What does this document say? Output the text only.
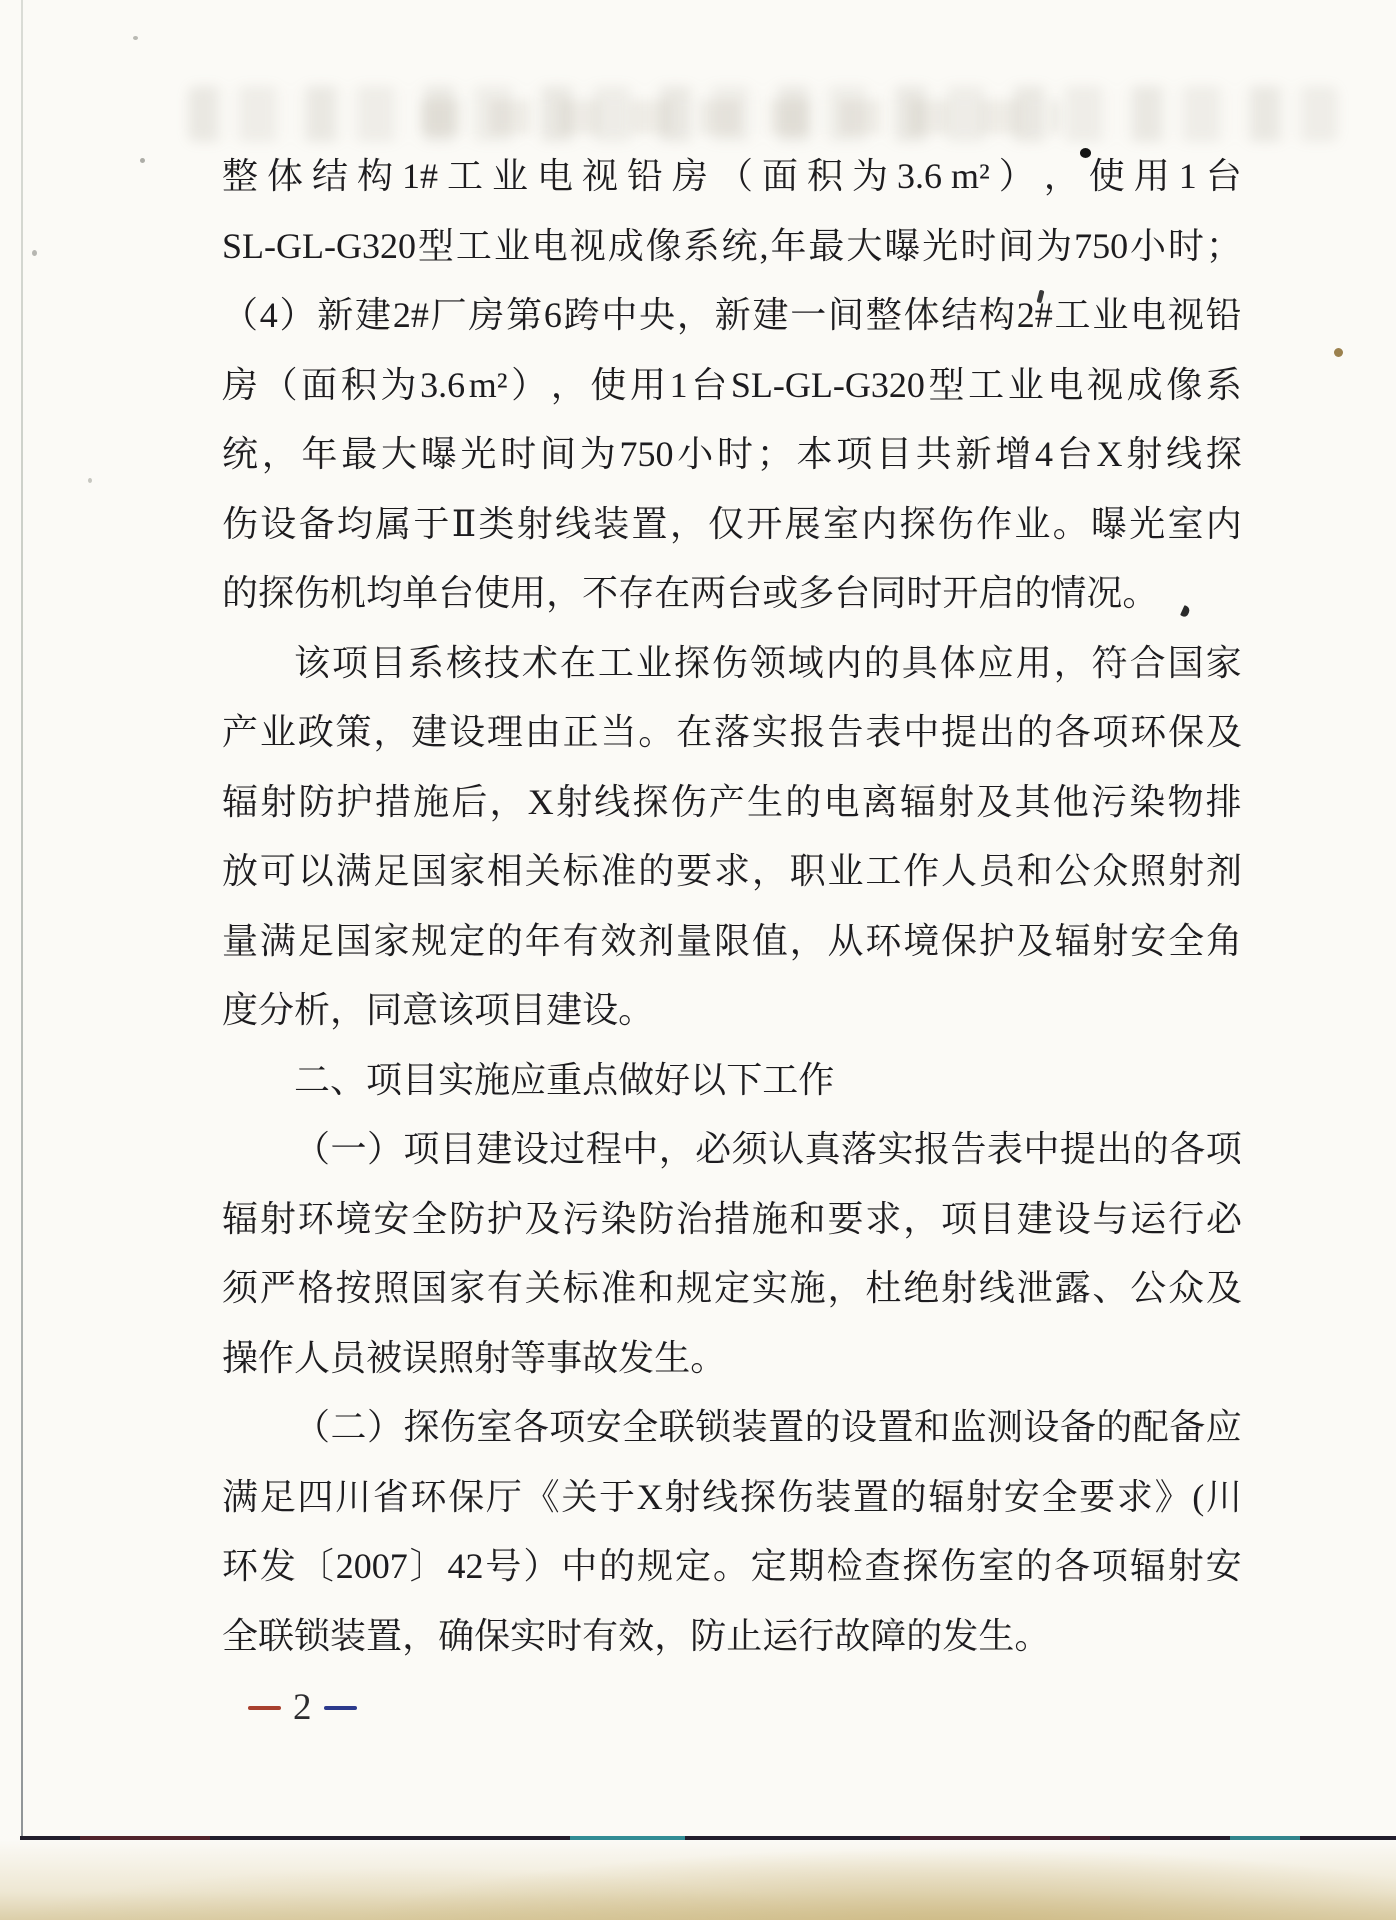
整 体 结 构 1# 工 业 电 视 铅 房 （ 面 积 为 3.6 m² ） ， 使 用 1 台
SL-GL-G320 型 工 业 电 视 成 像 系 统 , 年 最 大 曝 光 时 间 为 750 小 时 ；
（ 4 ） 新 建 2# 厂 房 第 6 跨 中 央 ， 新 建 一 间 整 体 结 构 2# 工 业 电 视 铅
房 （ 面 积 为 3.6 m² ） ， 使 用 1 台 SL-GL-G320 型 工 业 电 视 成 像 系
统 ， 年 最 大 曝 光 时 间 为 750 小 时 ； 本 项 目 共 新 增 4 台 X 射 线 探
伤 设 备 均 属 于 Ⅱ 类 射 线 装 置 ， 仅 开 展 室 内 探 伤 作 业 。 曝 光 室 内
的探伤机均单台使用，不存在两台或多台同时开启的情况。
该 项 目 系 核 技 术 在 工 业 探 伤 领 域 内 的 具 体 应 用 ， 符 合 国 家
产 业 政 策 ， 建 设 理 由 正 当 。 在 落 实 报 告 表 中 提 出 的 各 项 环 保 及
辐 射 防 护 措 施 后 ， X 射 线 探 伤 产 生 的 电 离 辐 射 及 其 他 污 染 物 排
放 可 以 满 足 国 家 相 关 标 准 的 要 求 ， 职 业 工 作 人 员 和 公 众 照 射 剂
量 满 足 国 家 规 定 的 年 有 效 剂 量 限 值 ， 从 环 境 保 护 及 辐 射 安 全 角
度分析，同意该项目建设。
二、项目实施应重点做好以下工作
（ 一 ） 项 目 建 设 过 程 中 ， 必 须 认 真 落 实 报 告 表 中 提 出 的 各 项
辐 射 环 境 安 全 防 护 及 污 染 防 治 措 施 和 要 求 ， 项 目 建 设 与 运 行 必
须 严 格 按 照 国 家 有 关 标 准 和 规 定 实 施 ， 杜 绝 射 线 泄 露 、 公 众 及
操作人员被误照射等事故发生。
（ 二 ） 探 伤 室 各 项 安 全 联 锁 装 置 的 设 置 和 监 测 设 备 的 配 备 应
满 足 四 川 省 环 保 厅 《 关 于 X 射 线 探 伤 装 置 的 辐 射 安 全 要 求 》 ( 川
环 发 〔 2007 〕 42 号 ） 中 的 规 定 。 定 期 检 查 探 伤 室 的 各 项 辐 射 安
全联锁装置，确保实时有效，防止运行故障的发生。
2
